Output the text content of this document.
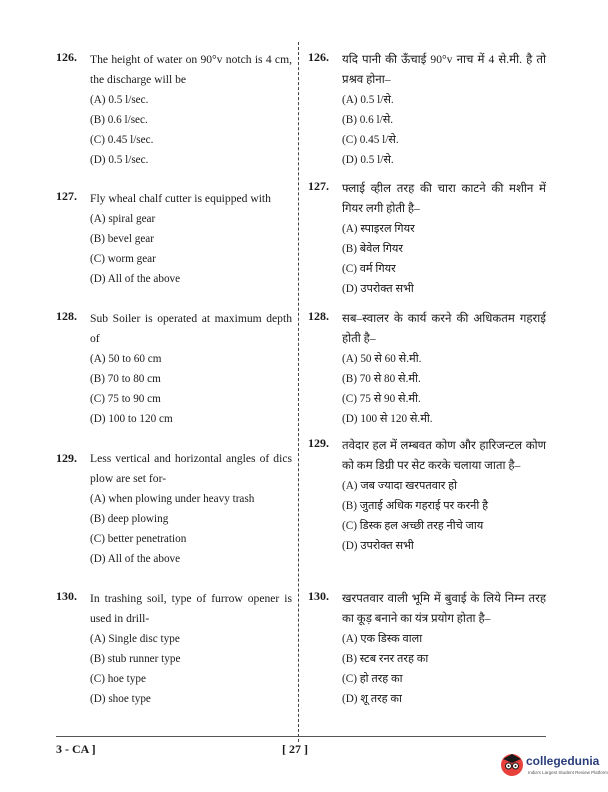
126. The height of water on 90°v notch is 4 cm, the discharge will be
(A) 0.5 l/sec.
(B) 0.6 l/sec.
(C) 0.45 l/sec.
(D) 0.5 l/sec.
127. Fly wheal chalf cutter is equipped with
(A) spiral gear
(B) bevel gear
(C) worm gear
(D) All of the above
128. Sub Soiler is operated at maximum depth of
(A) 50 to 60 cm
(B) 70 to 80 cm
(C) 75 to 90 cm
(D) 100 to 120 cm
129. Less vertical and horizontal angles of dics plow are set for-
(A) when plowing under heavy trash
(B) deep plowing
(C) better penetration
(D) All of the above
130. In trashing soil, type of furrow opener is used in drill-
(A) Single disc type
(B) stub runner type
(C) hoe type
(D) shoe type
126. यदि पानी की ऊँचाई 90°v नाच में 4 से.मी. है तो प्रश्रव होना–
(A) 0.5 l/से.
(B) 0.6 l/से.
(C) 0.45 l/से.
(D) 0.5 l/से.
127. फ्लाई व्हील तरह की चारा काटने की मशीन में गियर लगी होती है–
(A) स्पाइरल गियर
(B) बेवेल गियर
(C) वर्म गियर
(D) उपरोक्त सभी
128. सब–स्वालर के कार्य करने की अधिकतम गहराई होती है–
(A) 50 से 60 से.मी.
(B) 70 से 80 से.मी.
(C) 75 से 90 से.मी.
(D) 100 से 120 से.मी.
129. तवेदार हल में लम्बवत कोण और हारिजन्टल कोण को कम डिग्री पर सेट करके चलाया जाता है–
(A) जब ज्यादा खरपतवार हो
(B) जुताई अधिक गहराई पर करनी है
(C) डिस्क हल अच्छी तरह नीचे जाय
(D) उपरोक्त सभी
130. खरपतवार वाली भूमि में बुवाई के लिये निम्न तरह का कूड़ बनाने का यंत्र प्रयोग होता है–
(A) एक डिस्क वाला
(B) स्टब रनर तरह का
(C) हो तरह का
(D) शू तरह का
3 - CA ]	[ 27 ]
collegedunia
India's Largest Student Review Platform
